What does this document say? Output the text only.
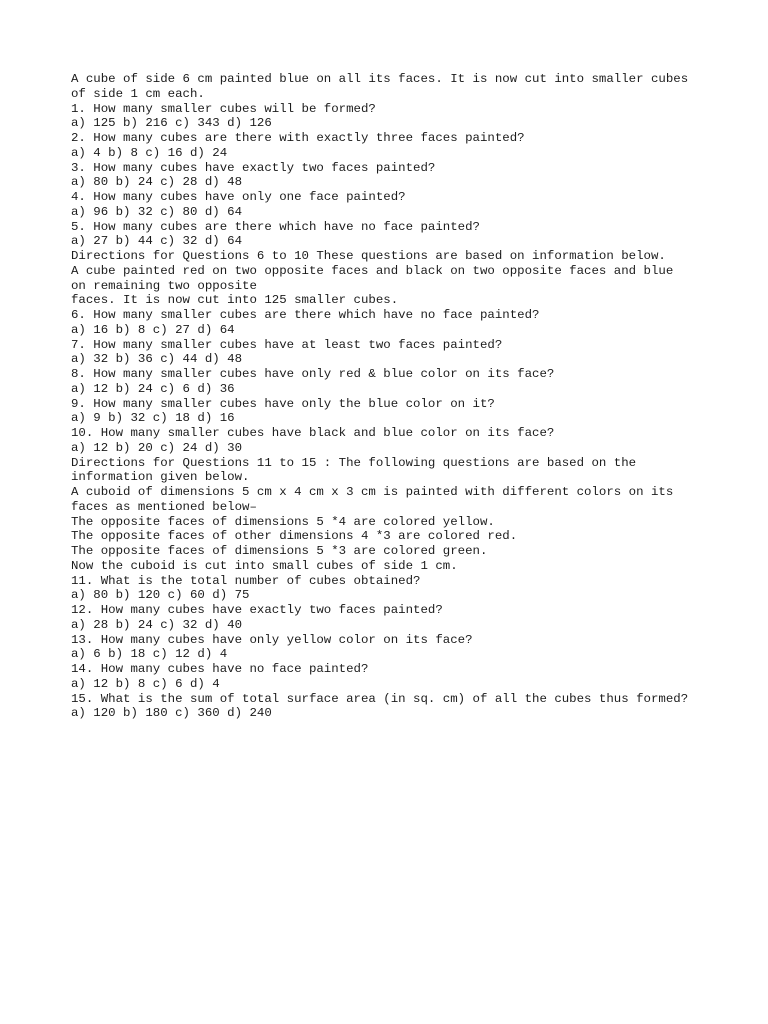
A cube of side 6 cm painted blue on all its faces. It is now cut into smaller cubes
of side 1 cm each.
1. How many smaller cubes will be formed?
a) 125 b) 216 c) 343 d) 126
2. How many cubes are there with exactly three faces painted?
a) 4 b) 8 c) 16 d) 24
3. How many cubes have exactly two faces painted?
a) 80 b) 24 c) 28 d) 48
4. How many cubes have only one face painted?
a) 96 b) 32 c) 80 d) 64
5. How many cubes are there which have no face painted?
a) 27 b) 44 c) 32 d) 64
Directions for Questions 6 to 10 These questions are based on information below.
A cube painted red on two opposite faces and black on two opposite faces and blue
on remaining two opposite
faces. It is now cut into 125 smaller cubes.
6. How many smaller cubes are there which have no face painted?
a) 16 b) 8 c) 27 d) 64
7. How many smaller cubes have at least two faces painted?
a) 32 b) 36 c) 44 d) 48
8. How many smaller cubes have only red & blue color on its face?
a) 12 b) 24 c) 6 d) 36
9. How many smaller cubes have only the blue color on it?
a) 9 b) 32 c) 18 d) 16
10. How many smaller cubes have black and blue color on its face?
a) 12 b) 20 c) 24 d) 30
Directions for Questions 11 to 15 : The following questions are based on the
information given below.
A cuboid of dimensions 5 cm x 4 cm x 3 cm is painted with different colors on its
faces as mentioned below–
The opposite faces of dimensions 5 *4 are colored yellow.
The opposite faces of other dimensions 4 *3 are colored red.
The opposite faces of dimensions 5 *3 are colored green.
Now the cuboid is cut into small cubes of side 1 cm.
11. What is the total number of cubes obtained?
a) 80 b) 120 c) 60 d) 75
12. How many cubes have exactly two faces painted?
a) 28 b) 24 c) 32 d) 40
13. How many cubes have only yellow color on its face?
a) 6 b) 18 c) 12 d) 4
14. How many cubes have no face painted?
a) 12 b) 8 c) 6 d) 4
15. What is the sum of total surface area (in sq. cm) of all the cubes thus formed?
a) 120 b) 180 c) 360 d) 240
